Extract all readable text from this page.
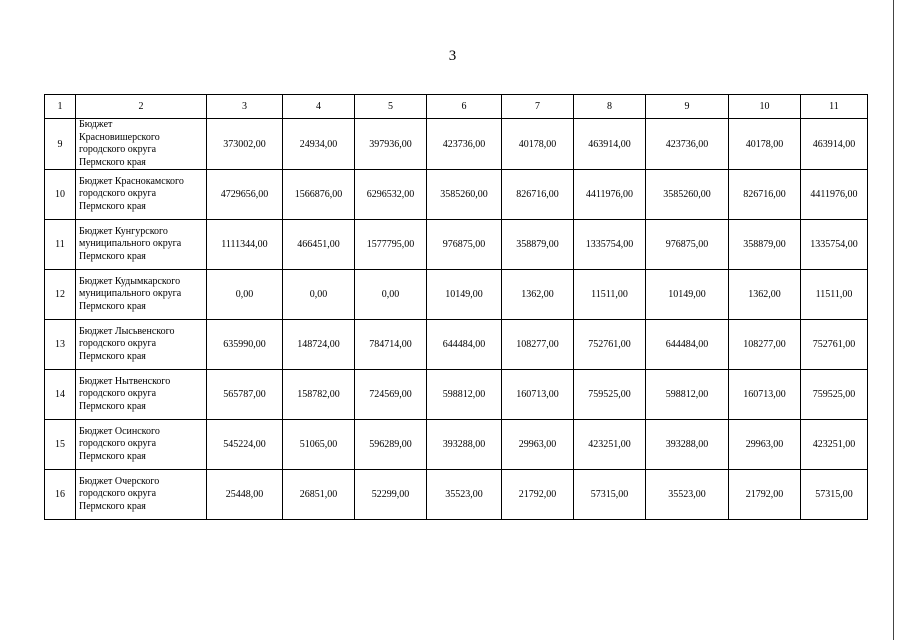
3
1	2	3	4	5	6	7	8	9	10	11
9	Бюджет
Красновишерского
городского округа
Пермского края	373002,00	24934,00	397936,00	423736,00	40178,00	463914,00	423736,00	40178,00	463914,00
10	Бюджет Краснокамского
городского округа
Пермского края	4729656,00	1566876,00	6296532,00	3585260,00	826716,00	4411976,00	3585260,00	826716,00	4411976,00
11	Бюджет Кунгурского
муниципального округа
Пермского края	1111344,00	466451,00	1577795,00	976875,00	358879,00	1335754,00	976875,00	358879,00	1335754,00
12	Бюджет Кудымкарского
муниципального округа
Пермского края	0,00	0,00	0,00	10149,00	1362,00	11511,00	10149,00	1362,00	11511,00
13	Бюджет Лысьвенского
городского округа
Пермского края	635990,00	148724,00	784714,00	644484,00	108277,00	752761,00	644484,00	108277,00	752761,00
14	Бюджет Нытвенского
городского округа
Пермского края	565787,00	158782,00	724569,00	598812,00	160713,00	759525,00	598812,00	160713,00	759525,00
15	Бюджет Осинского
городского округа
Пермского края	545224,00	51065,00	596289,00	393288,00	29963,00	423251,00	393288,00	29963,00	423251,00
16	Бюджет Очерского
городского округа
Пермского края	25448,00	26851,00	52299,00	35523,00	21792,00	57315,00	35523,00	21792,00	57315,00
